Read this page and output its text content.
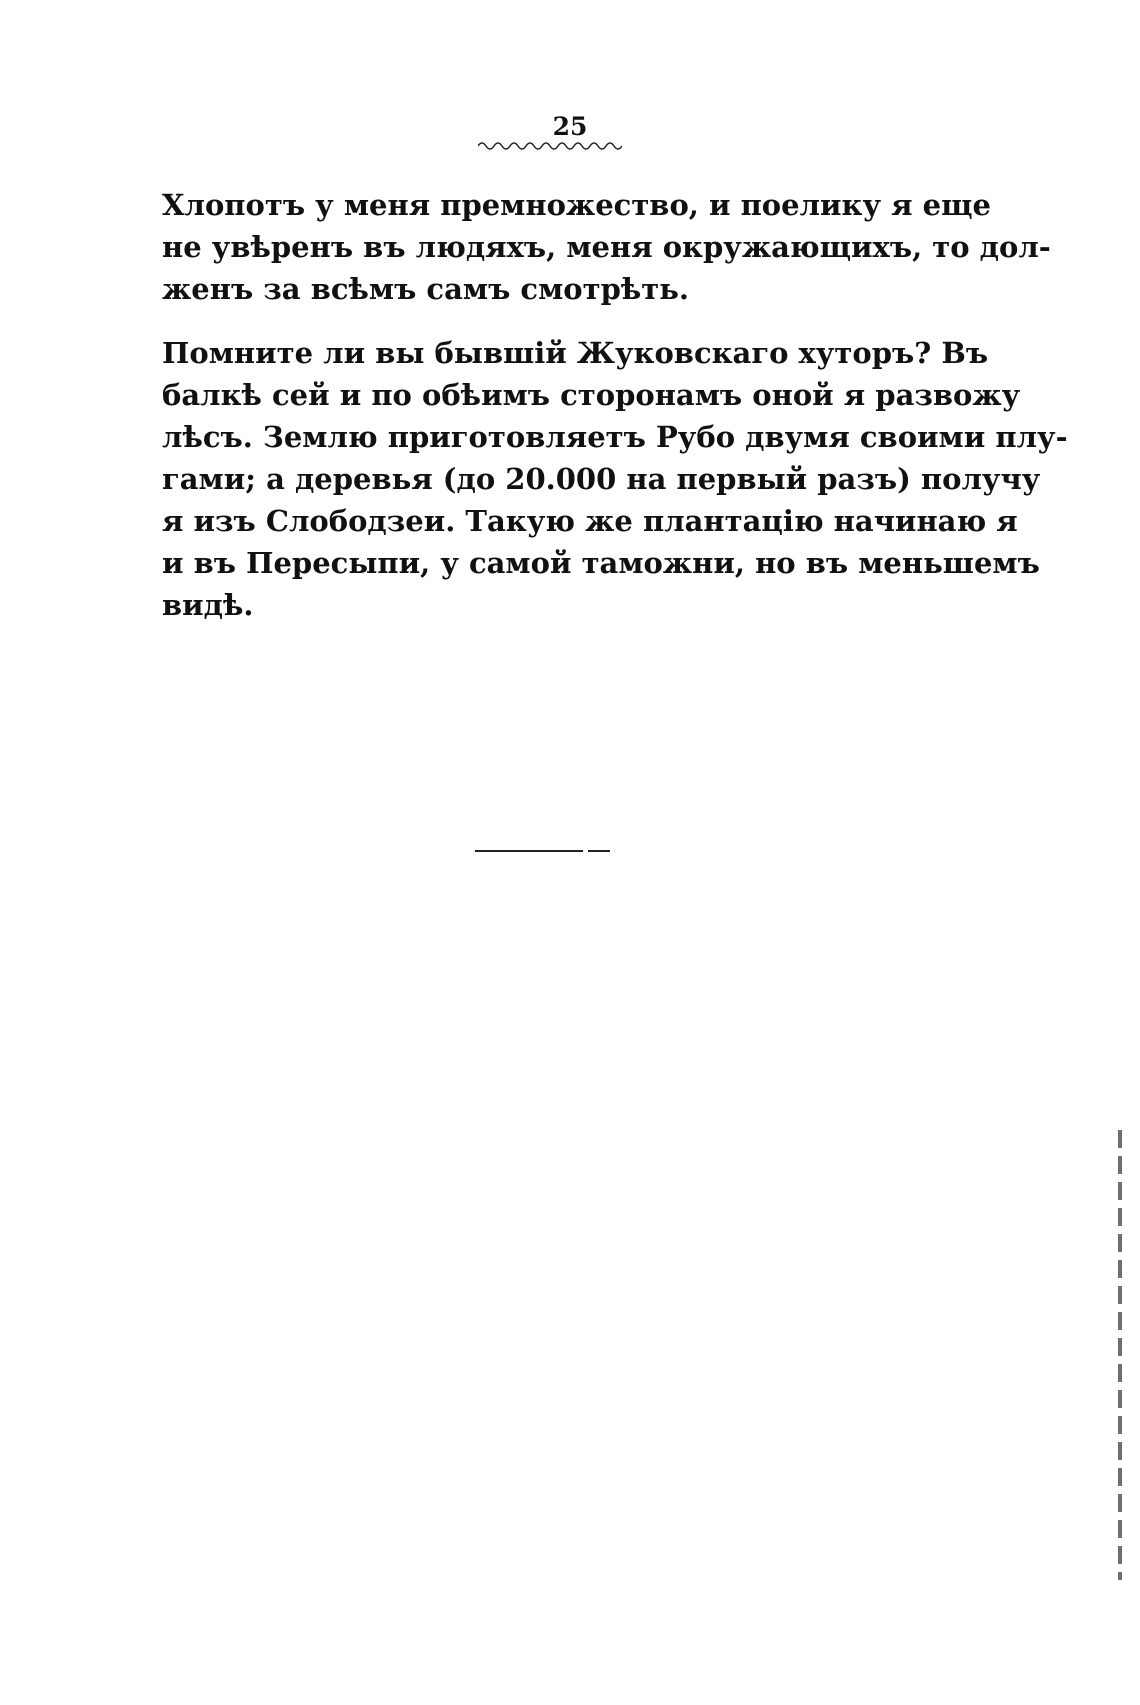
25
Хлопотъ у меня премножество, и поелику я еще
не увѣренъ въ людяхъ, меня окружающихъ, то дол-
женъ за всѣмъ самъ смотрѣть.
Помните ли вы бывшій Жуковскаго хуторъ? Въ
балкѣ сей и по обѣимъ сторонамъ оной я развожу
лѣсъ. Землю приготовляетъ Рубо двумя своими плу-
гами; а деревья (до 20.000 на первый разъ) получу
я изъ Слободзеи. Такую же плантацію начинаю я
и въ Пересыпи, у самой таможни, но въ меньшемъ
видѣ.
